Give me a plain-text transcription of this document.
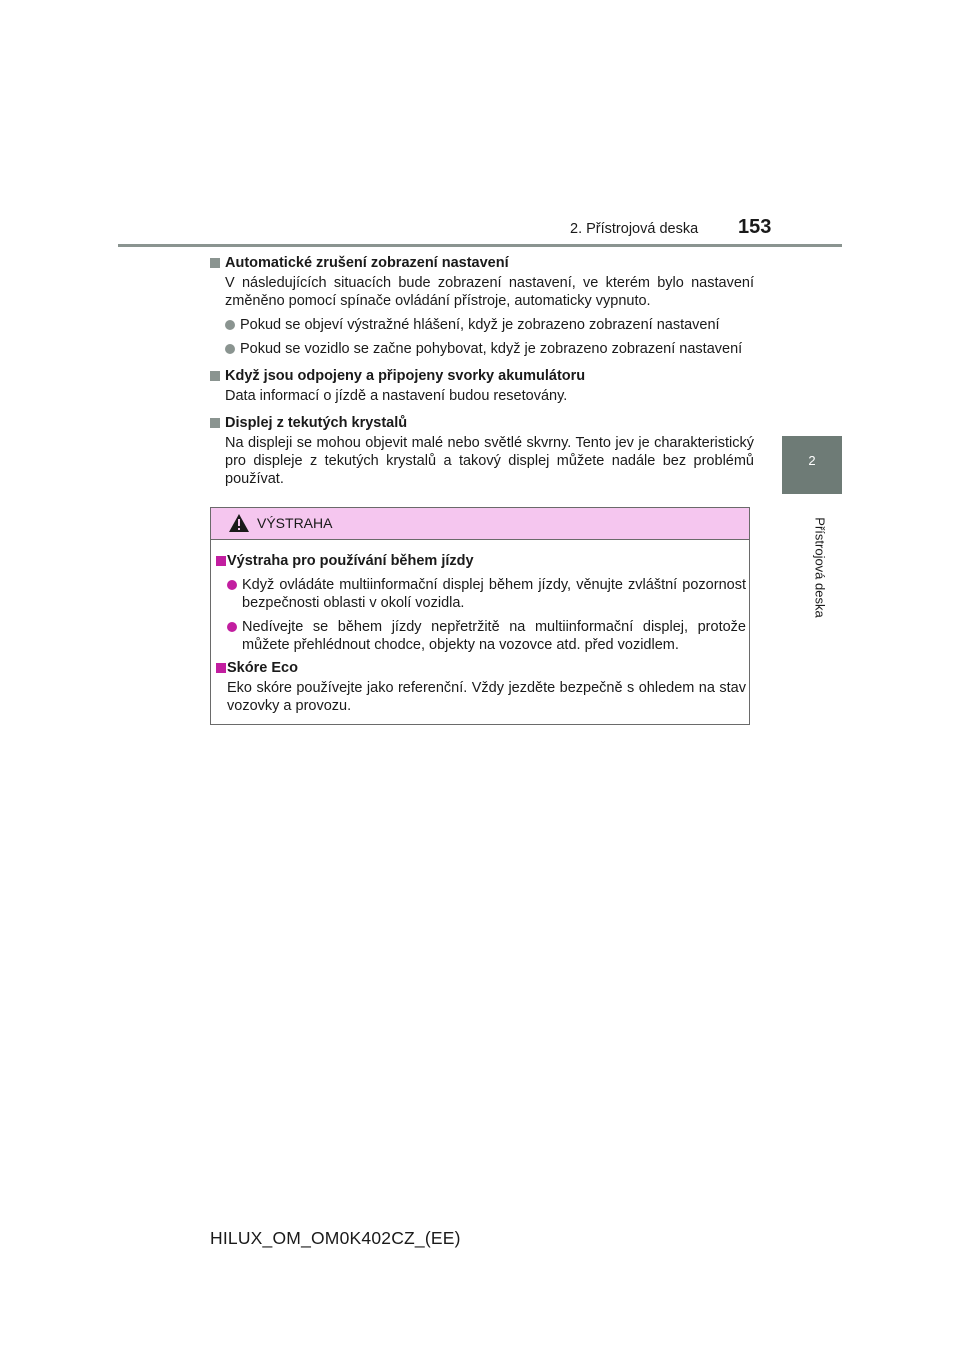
2. Přístrojová deska 153
2
Přístrojová deska
Automatické zrušení zobrazení nastavení
V následujících situacích bude zobrazení nastavení, ve kterém bylo nastavení změněno pomocí spínače ovládání přístroje, automaticky vypnuto.
Pokud se objeví výstražné hlášení, když je zobrazeno zobrazení nastavení
Pokud se vozidlo se začne pohybovat, když je zobrazeno zobrazení nastavení
Když jsou odpojeny a připojeny svorky akumulátoru
Data informací o jízdě a nastavení budou resetovány.
Displej z tekutých krystalů
Na displeji se mohou objevit malé nebo světlé skvrny. Tento jev je charakteristický pro displeje z tekutých krystalů a takový displej můžete nadále bez problémů používat.
VÝSTRAHA
Výstraha pro používání během jízdy
Když ovládáte multiinformační displej během jízdy, věnujte zvláštní pozornost bezpečnosti oblasti v okolí vozidla.
Nedívejte se během jízdy nepřetržitě na multiinformační displej, protože můžete přehlédnout chodce, objekty na vozovce atd. před vozidlem.
Skóre Eco
Eko skóre používejte jako referenční. Vždy jezděte bezpečně s ohledem na stav vozovky a provozu.
HILUX_OM_OM0K402CZ_(EE)
